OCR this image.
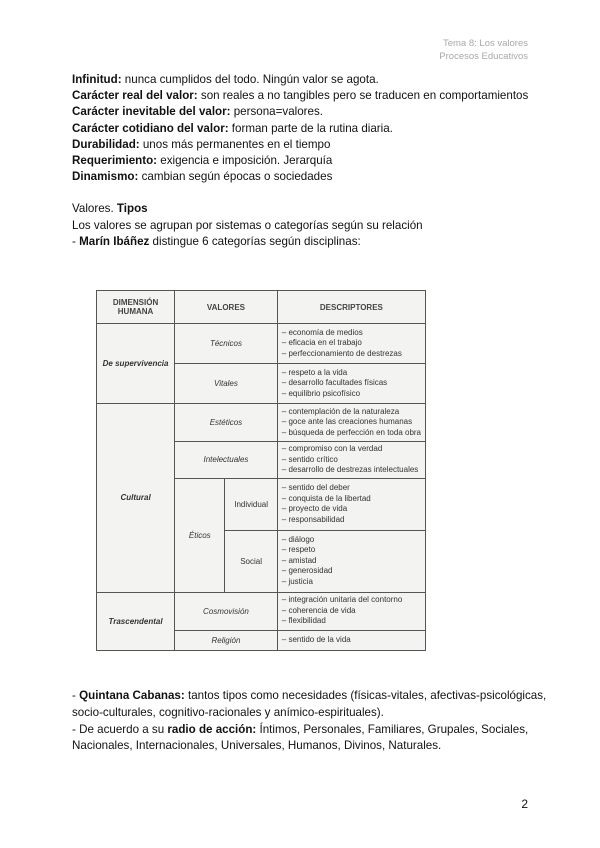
Tema 8: Los valores
Procesos Educativos
Infinitud: nunca cumplidos del todo. Ningún valor se agota.
Carácter real del valor: son reales a no tangibles pero se traducen en comportamientos
Carácter inevitable del valor: persona=valores.
Carácter cotidiano del valor: forman parte de la rutina diaria.
Durabilidad: unos más permanentes en el tiempo
Requerimiento: exigencia e imposición. Jerarquía
Dinamismo: cambian según épocas o sociedades
Valores. Tipos
Los valores se agrupan por sistemas o categorías según su relación
- Marín Ibáñez distingue 6 categorías según disciplinas:
DIMENSIÓN HUMANA	VALORES		DESCRIPTORES
De supervivencia	Técnicos		– economía de medios
– eficacia en el trabajo
– perfeccionamiento de destrezas

	Vitales		– respeto a la vida
– desarrollo facultades físicas
– equilibrio psicofísico

Cultural	Estéticos		– contemplación de la naturaleza
– goce ante las creaciones humanas
– búsqueda de perfección en toda obra

	Intelectuales		– compromiso con la verdad
– sentido crítico
– desarrollo de destrezas intelectuales

	Éticos	Individual	– sentido del deber
– conquista de la libertad
– proyecto de vida
– responsabilidad

		Social	– diálogo
– respeto
– amistad
– generosidad
– justicia

Trascendental	Cosmovisión		– integración unitaria del contorno
– coherencia de vida
– flexibilidad

	Religión		– sentido de la vida
- Quintana Cabanas: tantos tipos como necesidades (físicas-vitales, afectivas-psicológicas,
socio-culturales, cognitivo-racionales y anímico-espirituales).
- De acuerdo a su radio de acción: Íntimos, Personales, Familiares, Grupales, Sociales,
Nacionales, Internacionales, Universales, Humanos, Divinos, Naturales.
2
